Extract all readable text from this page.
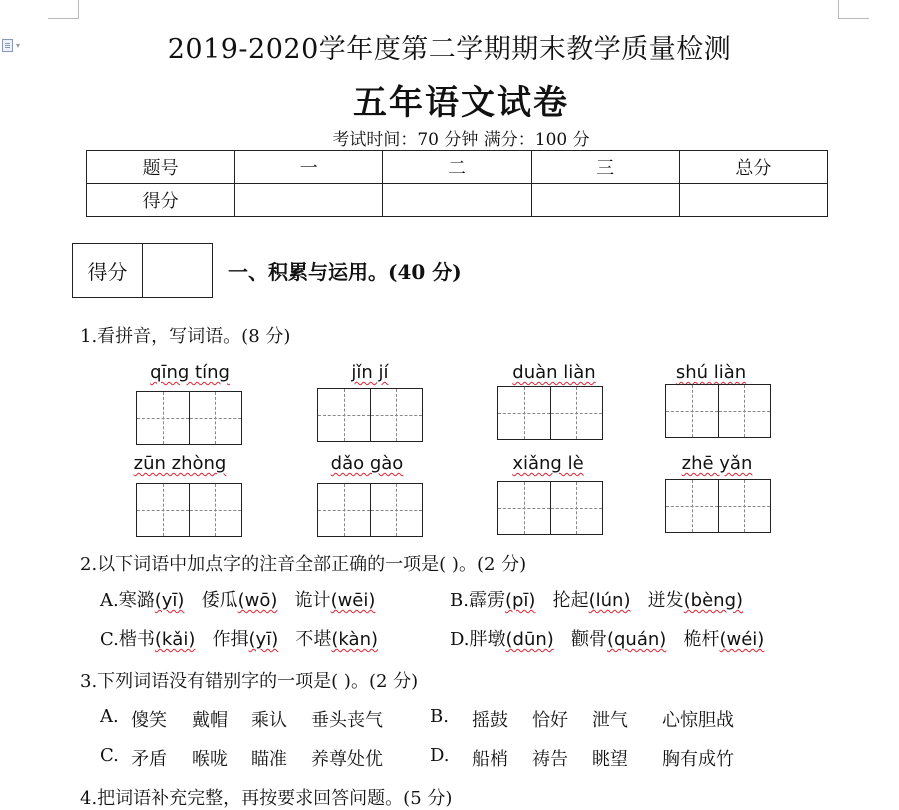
▾	2019-2020学年度第二学期期末教学质量检测
五年语文试卷
考试时间：70 分钟 满分：100 分
题号	一	二	三	总分
得分				
得分	一、积累与运用。(40 分)
1.看拼音，写词语。(8 分)
qīng tíng	jǐn jí	duàn liàn	shú liàn
zūn zhòng	dǎo gào	xiǎng lè	zhē yǎn
2.以下词语中加点字的注音全部正确的一项是( )。(2 分)
A.寒潞(yī) 倭瓜(wō) 诡计(wēi)	B.霹雳(pī) 抡起(lún) 迸发(bèng)
C.楷书(kǎi) 作揖(yī) 不堪(kàn)	D.胖墩(dūn) 颧骨(quán) 桅杆(wéi)
3.下列词语没有错别字的一项是( )。(2 分)
A. 傻笑 戴帽 乘认 垂头丧气	B. 摇鼓 恰好 泄气 心惊胆战
C. 矛盾 喉咙 瞄准 养尊处优	D. 船梢 祷告 眺望 胸有成竹
4.把词语补充完整，再按要求回答问题。(5 分)
